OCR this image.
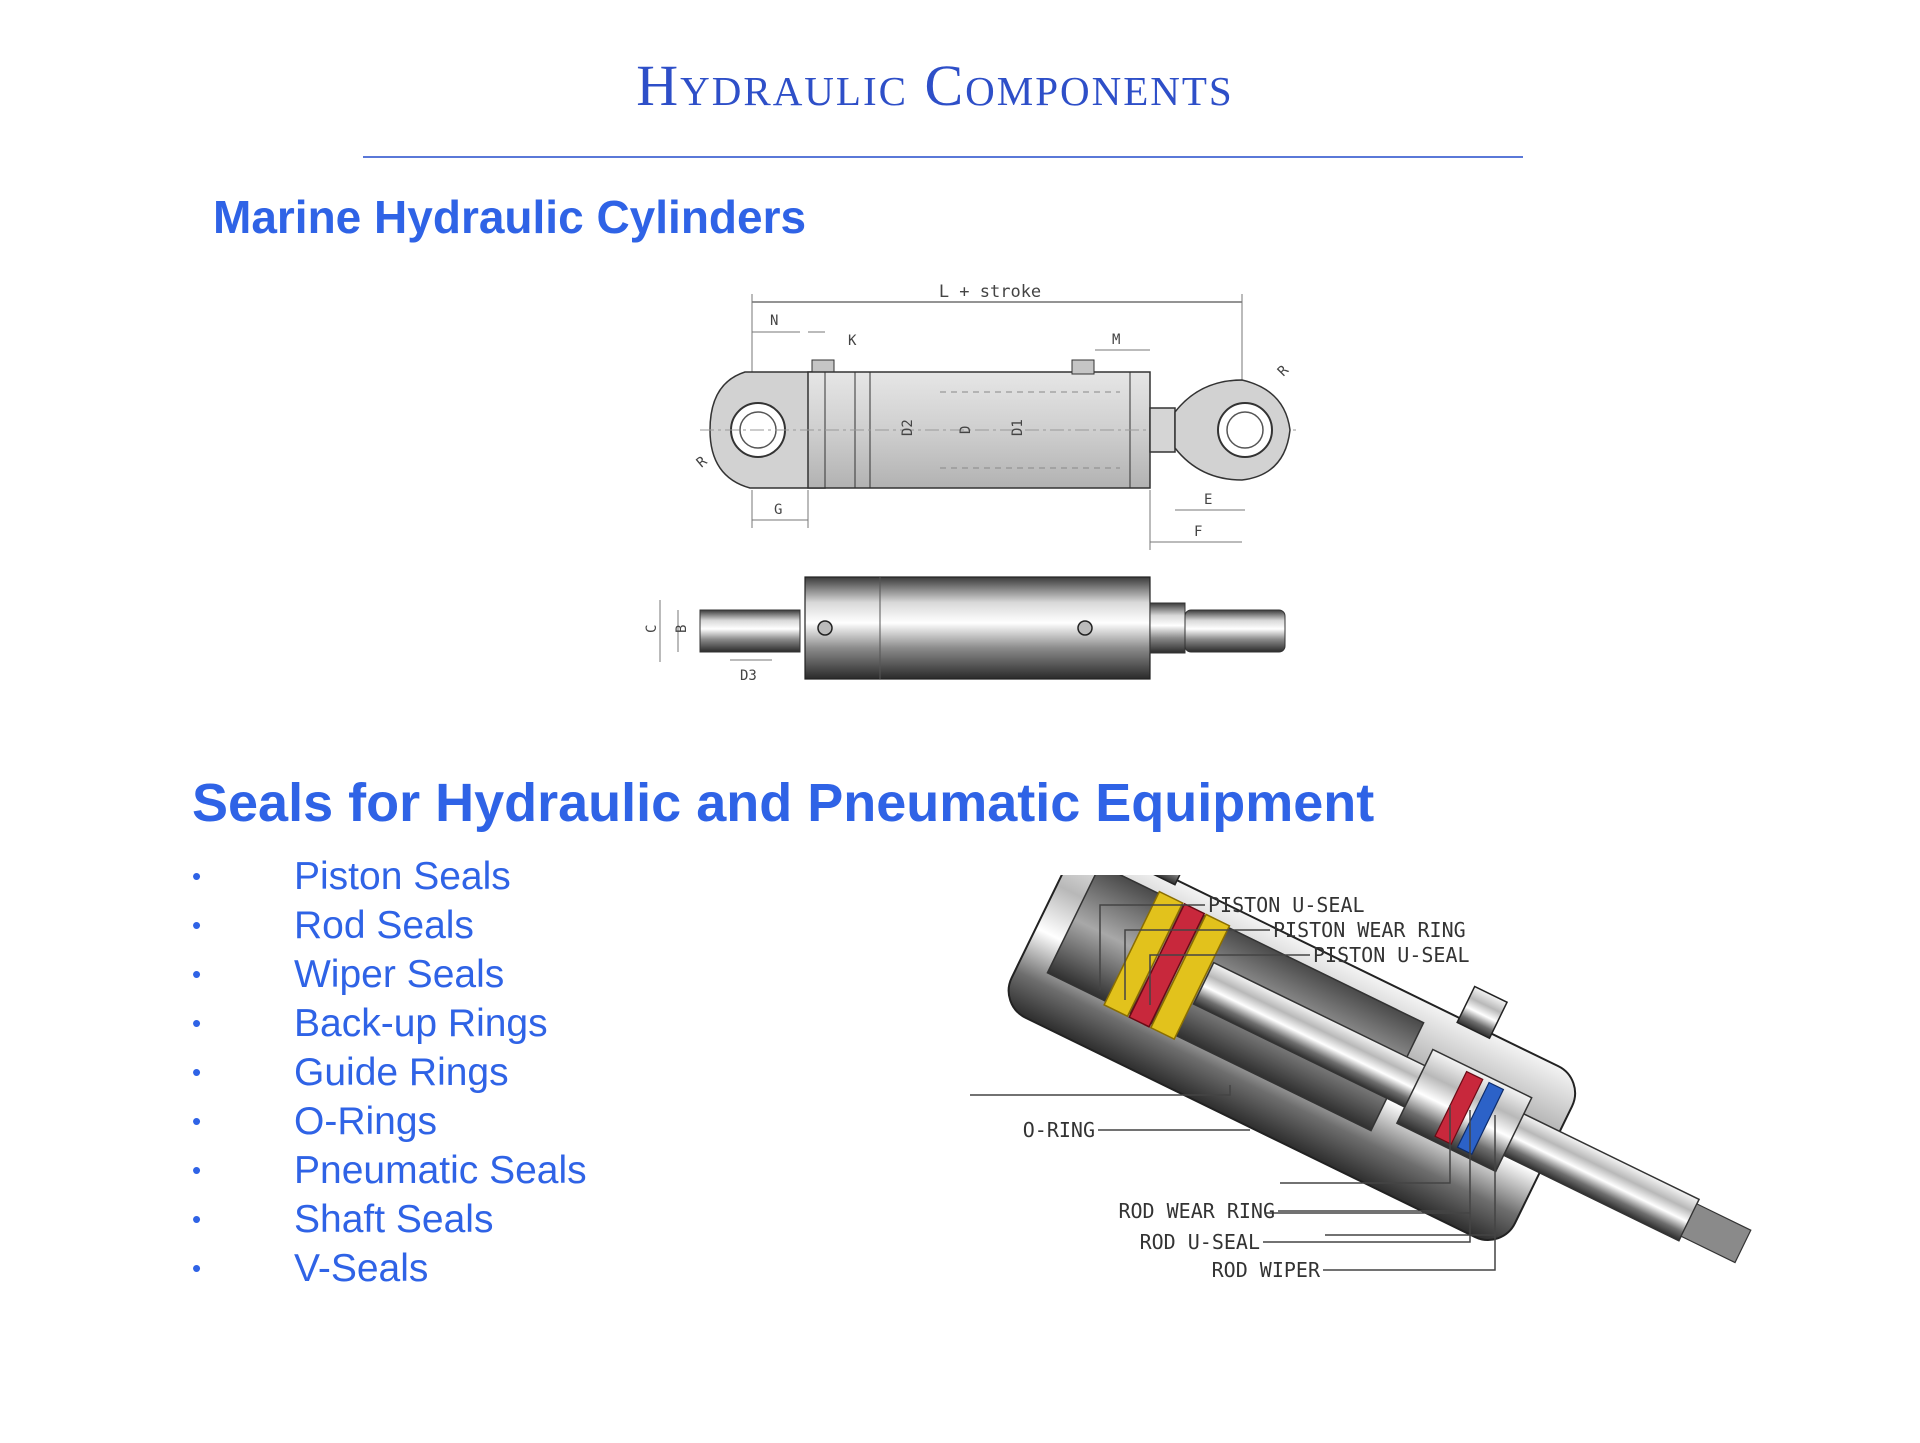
Hydraulic Components
Marine Hydraulic Cylinders
L + stroke
N
K	M
R
D2	D	D1
R
G
E
F
C B
D3
Seals for Hydraulic and Pneumatic Equipment
• Piston Seals
• Rod Seals
• Wiper Seals
• Back-up Rings
• Guide Rings
• O-Rings
• Pneumatic Seals
• Shaft Seals
• V-Seals
PISTON U-SEAL
PISTON WEAR RING
PISTON U-SEAL
O-RING
ROD WEAR RING
ROD U-SEAL
ROD WIPER
